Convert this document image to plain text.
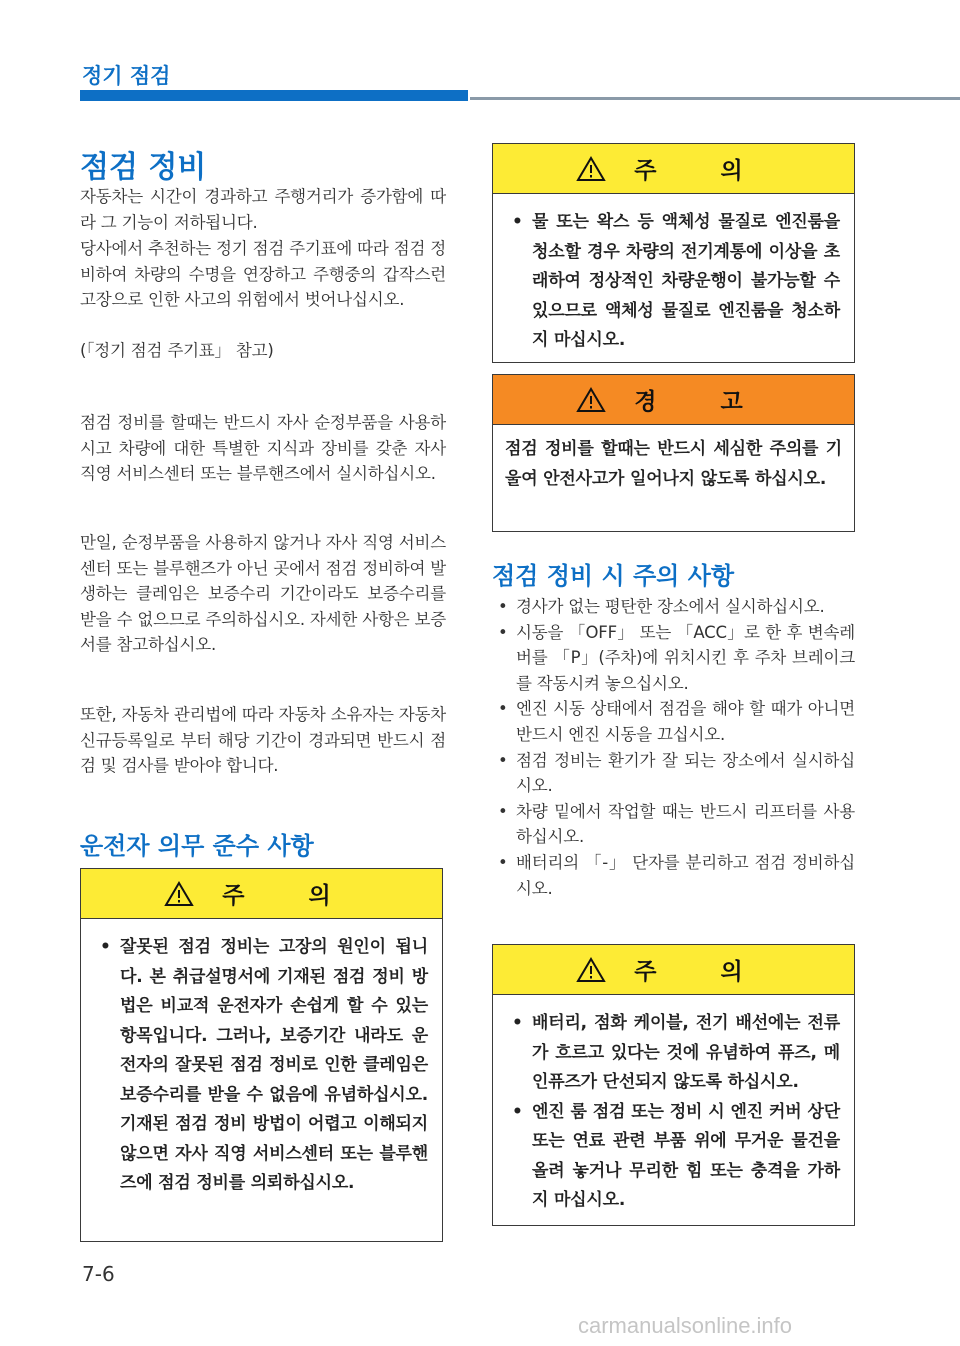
정기 점검
점검 정비
자동차는 시간이 경과하고 주행거리가 증가함에 따라 그 기능이 저하됩니다.
당사에서 추천하는 정기 점검 주기표에 따라 점검 정비하여 차량의 수명을 연장하고 주행중의 갑작스런 고장으로 인한 사고의 위험에서 벗어나십시오.
(「정기 점검 주기표」 참고)
점검 정비를 할때는 반드시 자사 순정부품을 사용하시고 차량에 대한 특별한 지식과 장비를 갖춘 자사 직영 서비스센터 또는 블루핸즈에서 실시하십시오.
만일, 순정부품을 사용하지 않거나 자사 직영 서비스센터 또는 블루핸즈가 아닌 곳에서 점검 정비하여 발생하는 클레임은 보증수리 기간이라도 보증수리를 받을 수 없으므로 주의하십시오. 자세한 사항은 보증서를 참고하십시오.
또한, 자동차 관리법에 따라 자동차 소유자는 자동차 신규등록일로 부터 해당 기간이 경과되면 반드시 점검 및 검사를 받아야 합니다.
운전자 의무 준수 사항
주 의
• 잘못된 점검 정비는 고장의 원인이 됩니다. 본 취급설명서에 기재된 점검 정비 방법은 비교적 운전자가 손쉽게 할 수 있는 항목입니다. 그러나, 보증기간 내라도 운전자의 잘못된 점검 정비로 인한 클레임은 보증수리를 받을 수 없음에 유념하십시오. 기재된 점검 정비 방법이 어렵고 이해되지 않으면 자사 직영 서비스센터 또는 블루핸즈에 점검 정비를 의뢰하십시오.
주 의
• 물 또는 왁스 등 액체성 물질로 엔진룸을 청소할 경우 차량의 전기계통에 이상을 초래하여 정상적인 차량운행이 불가능할 수 있으므로 액체성 물질로 엔진룸을 청소하지 마십시오.
경 고
점검 정비를 할때는 반드시 세심한 주의를 기울여 안전사고가 일어나지 않도록 하십시오.
점검 정비 시 주의 사항
• 경사가 없는 평탄한 장소에서 실시하십시오.
• 시동을 「OFF」 또는 「ACC」로 한 후 변속레버를 「P」(주차)에 위치시킨 후 주차 브레이크를 작동시켜 놓으십시오.
• 엔진 시동 상태에서 점검을 해야 할 때가 아니면 반드시 엔진 시동을 끄십시오.
• 점검 정비는 환기가 잘 되는 장소에서 실시하십시오.
• 차량 밑에서 작업할 때는 반드시 리프터를 사용하십시오.
• 배터리의 「-」 단자를 분리하고 점검 정비하십시오.
주 의
• 배터리, 점화 케이블, 전기 배선에는 전류가 흐르고 있다는 것에 유념하여 퓨즈, 메인퓨즈가 단선되지 않도록 하십시오.
• 엔진 룸 점검 또는 정비 시 엔진 커버 상단 또는 연료 관련 부품 위에 무거운 물건을 올려 놓거나 무리한 힘 또는 충격을 가하지 마십시오.
7-6
carmanualsonline.info
